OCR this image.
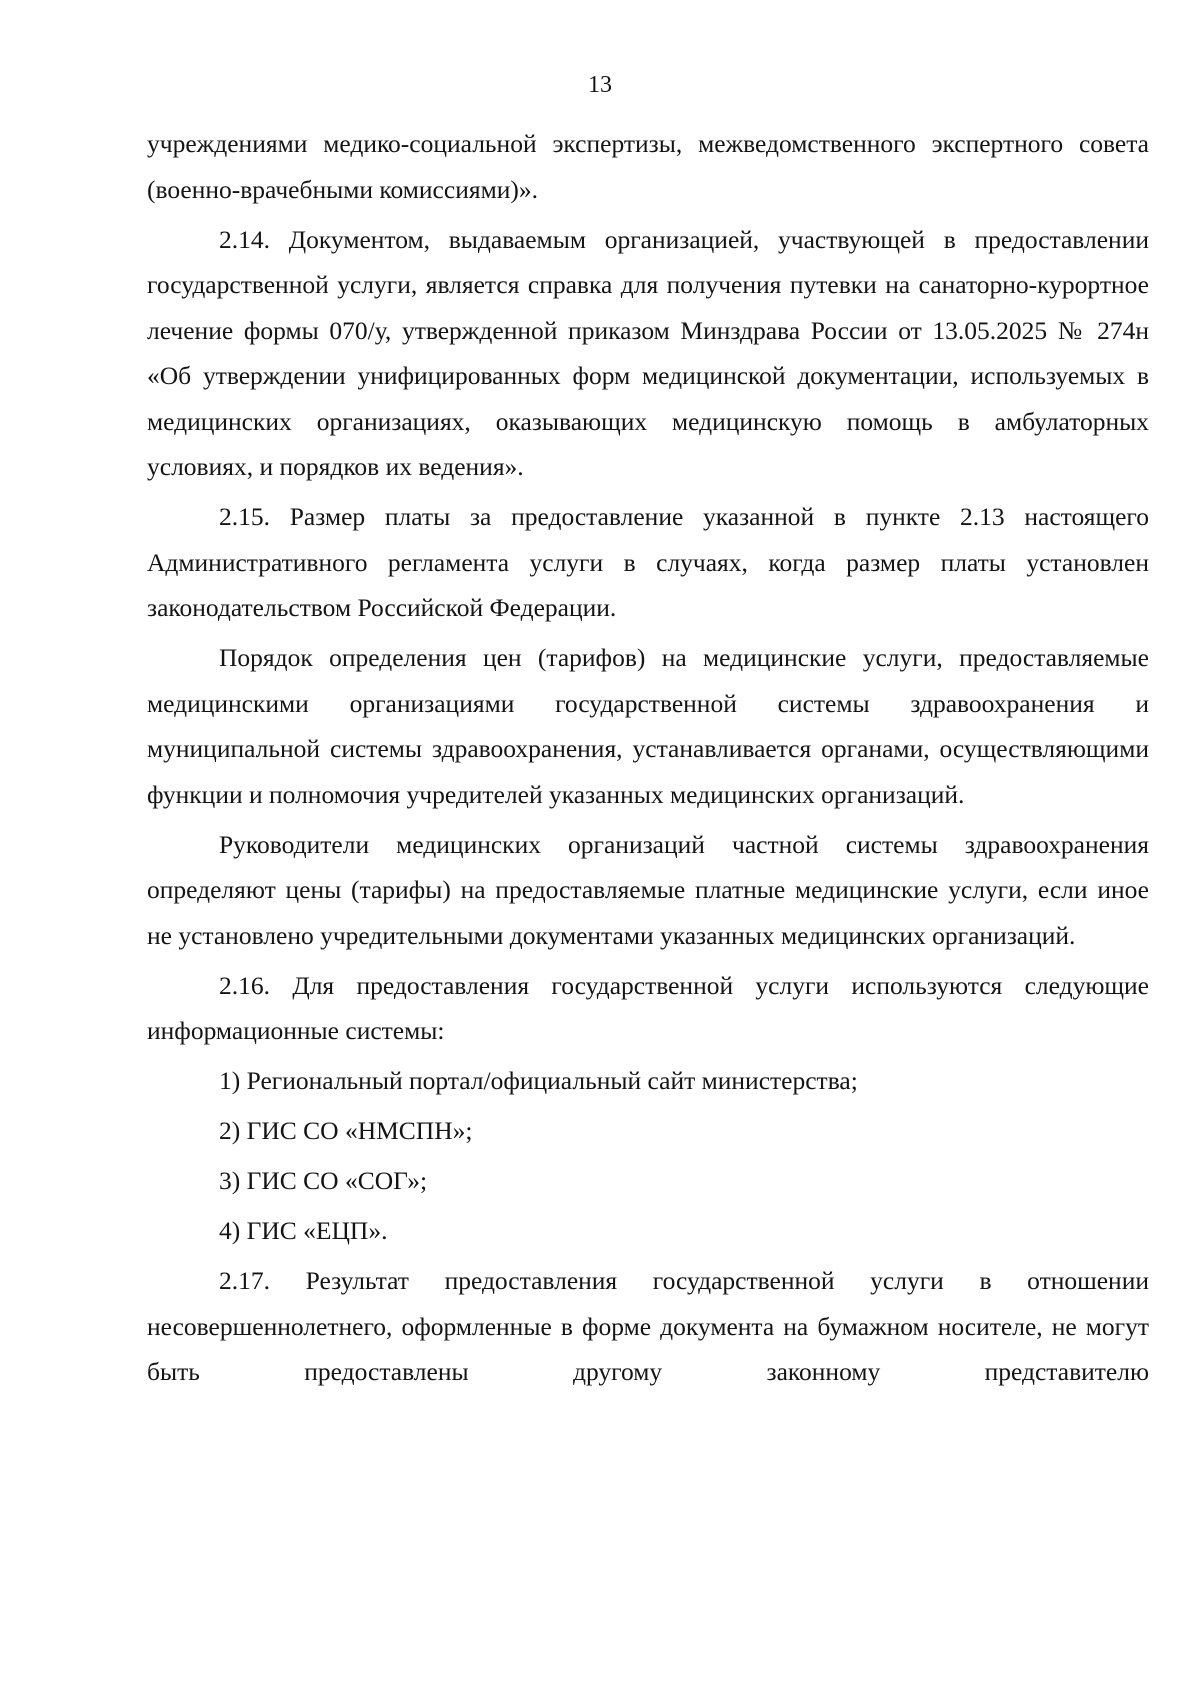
13

учреждениями медико-социальной экспертизы, межведомственного экспертного совета (военно-врачебными комиссиями)».

2.14. Документом, выдаваемым организацией, участвующей в предоставлении государственной услуги, является справка для получения путевки на санаторно-курортное лечение формы 070/у, утвержденной приказом Минздрава России от 13.05.2025 № 274н «Об утверждении унифицированных форм медицинской документации, используемых в медицинских организациях, оказывающих медицинскую помощь в амбулаторных условиях, и порядков их ведения».

2.15. Размер платы за предоставление указанной в пункте 2.13 настоящего Административного регламента услуги в случаях, когда размер платы установлен законодательством Российской Федерации.

Порядок определения цен (тарифов) на медицинские услуги, предоставляемые медицинскими организациями государственной системы здравоохранения и муниципальной системы здравоохранения, устанавливается органами, осуществляющими функции и полномочия учредителей указанных медицинских организаций.

Руководители медицинских организаций частной системы здравоохранения определяют цены (тарифы) на предоставляемые платные медицинские услуги, если иное не установлено учредительными документами указанных медицинских организаций.

2.16. Для предоставления государственной услуги используются следующие информационные системы:

1) Региональный портал/официальный сайт министерства;

2) ГИС СО «НМСПН»;

3) ГИС СО «СОГ»;

4) ГИС «ЕЦП».

2.17. Результат предоставления государственной услуги в отношении несовершеннолетнего, оформленные в форме документа на бумажном носителе, не могут быть предоставлены другому законному представителю
